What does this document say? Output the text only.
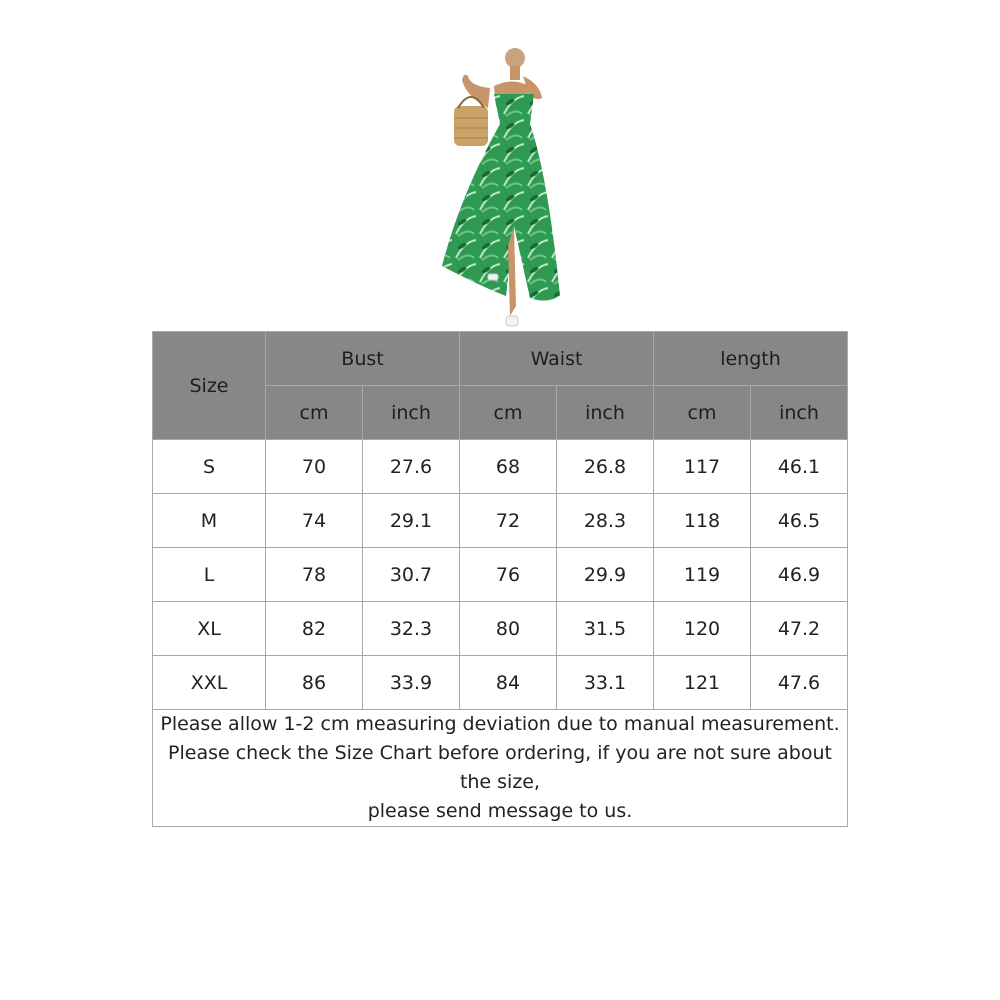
Size	Bust		Waist		length	
	cm	inch	cm	inch	cm	inch
S	70	27.6	68	26.8	117	46.1
M	74	29.1	72	28.3	118	46.5
L	78	30.7	76	29.9	119	46.9
XL	82	32.3	80	31.5	120	47.2
XXL	86	33.9	84	33.1	121	47.6

Please allow 1-2 cm measuring deviation due to manual measurement.
Please check the Size Chart before ordering, if you are not sure about the size,
please send message to us.						
